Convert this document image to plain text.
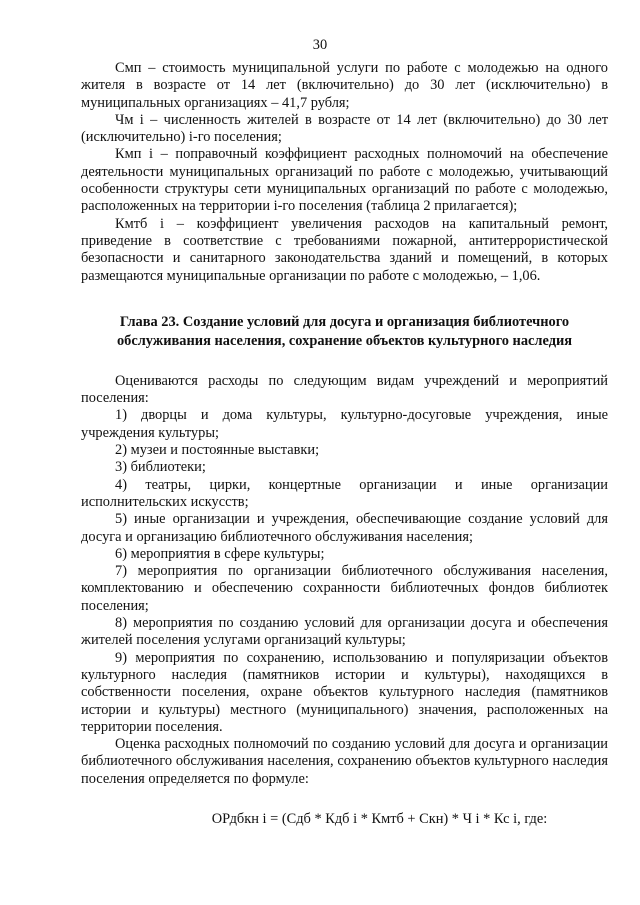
30

Смп – стоимость муниципальной услуги по работе с молодежью на одного жителя в возрасте от 14 лет (включительно) до 30 лет (исключительно) в муниципальных организациях – 41,7 рубля;

Чм i – численность жителей в возрасте от 14 лет (включительно) до 30 лет (исключительно) i-го поселения;

Кмп i – поправочный коэффициент расходных полномочий на обеспечение деятельности муниципальных организаций по работе с молодежью, учитывающий особенности структуры сети муниципальных организаций по работе с молодежью, расположенных на территории i-го поселения (таблица 2 прилагается);

Кмтб i – коэффициент увеличения расходов на капитальный ремонт, приведение в соответствие с требованиями пожарной, антитеррористической безопасности и санитарного законодательства зданий и помещений, в которых размещаются муниципальные организации по работе с молодежью, – 1,06.

Глава 23. Создание условий для досуга и организация библиотечного
обслуживания населения, сохранение объектов культурного наследия

Оцениваются расходы по следующим видам учреждений и мероприятий поселения:

1) дворцы и дома культуры, культурно-досуговые учреждения, иные учреждения культуры;

2) музеи и постоянные выставки;

3) библиотеки;

4) театры, цирки, концертные организации и иные организации исполнительских искусств;

5) иные организации и учреждения, обеспечивающие создание условий для досуга и организацию библиотечного обслуживания населения;

6) мероприятия в сфере культуры;

7) мероприятия по организации библиотечного обслуживания населения, комплектованию и обеспечению сохранности библиотечных фондов библиотек поселения;

8) мероприятия по созданию условий для организации досуга и обеспечения жителей поселения услугами организаций культуры;

9) мероприятия по сохранению, использованию и популяризации объектов культурного наследия (памятников истории и культуры), находящихся в собственности поселения, охране объектов культурного наследия (памятников истории и культуры) местного (муниципального) значения, расположенных на территории поселения.

Оценка расходных полномочий по созданию условий для досуга и организации библиотечного обслуживания населения, сохранению объектов культурного наследия поселения определяется по формуле:

ОРдбкн i = (Сдб * Кдб i * Кмтб + Скн) * Ч i * Кс i, где:
